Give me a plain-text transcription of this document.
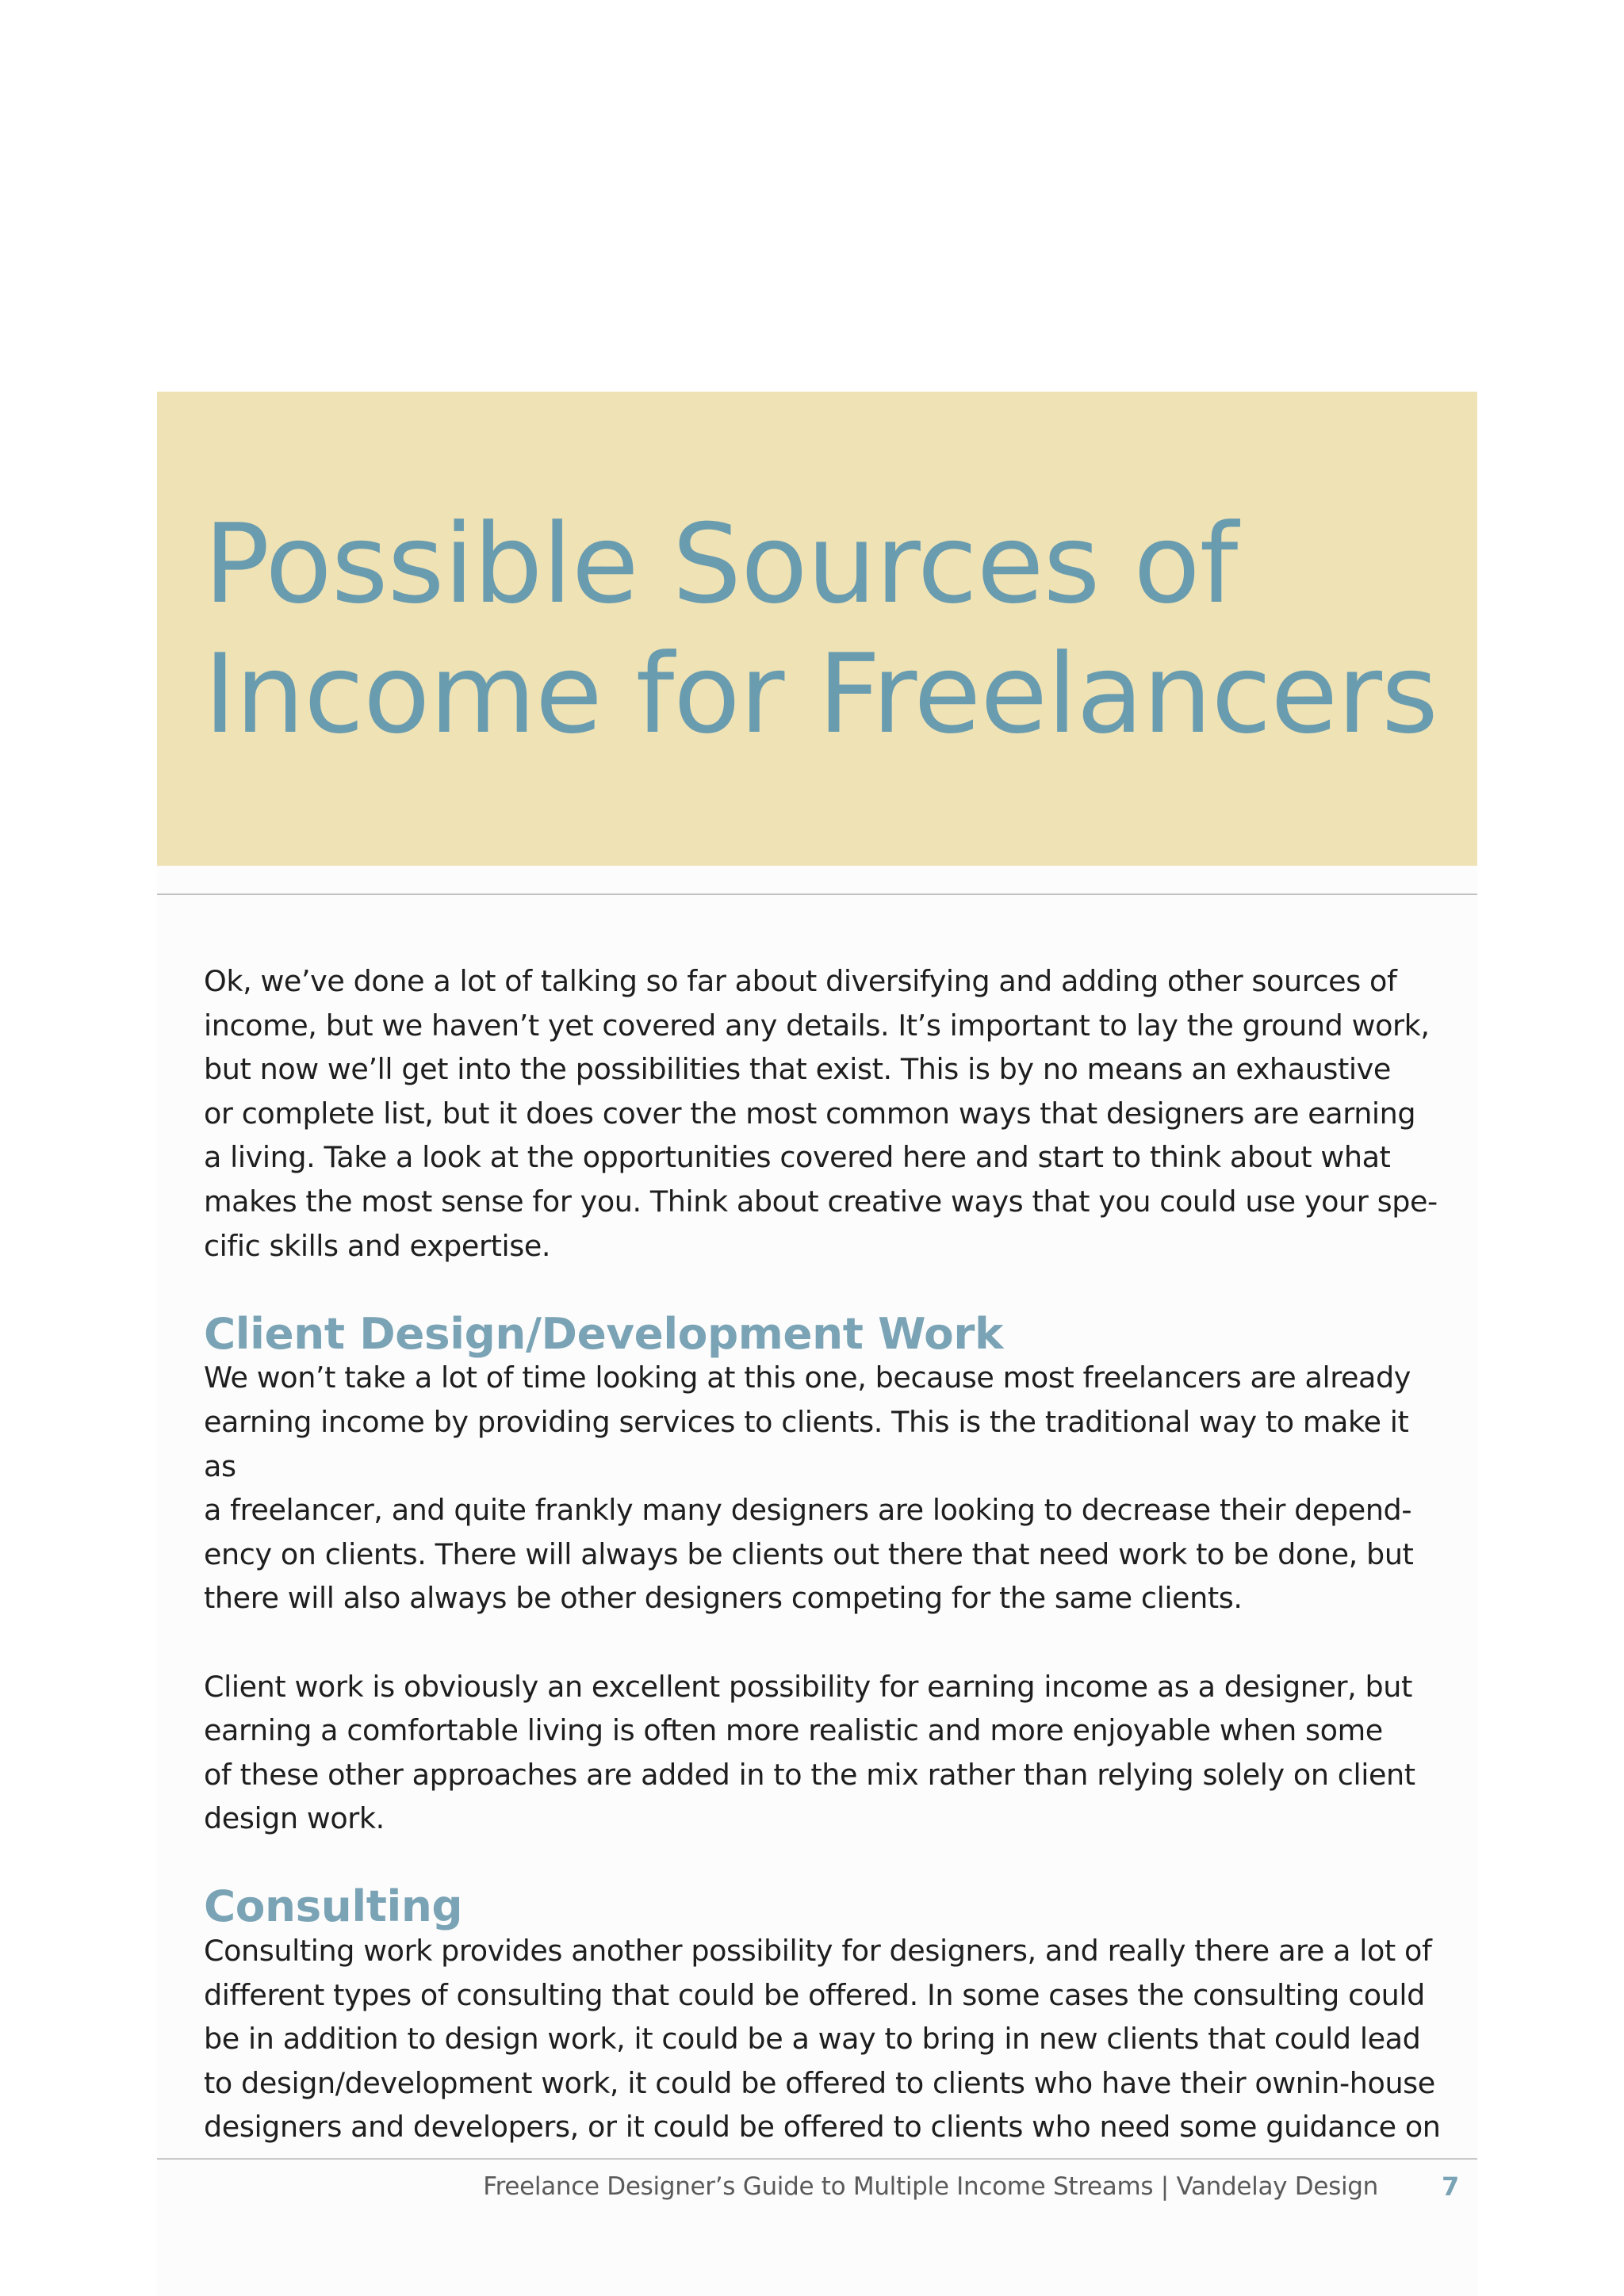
Possible Sources of
Income for Freelancers

Ok, we’ve done a lot of talking so far about diversifying and adding other sources of
income, but we haven’t yet covered any details. It’s important to lay the ground work,
but now we’ll get into the possibilities that exist. This is by no means an exhaustive
or complete list, but it does cover the most common ways that designers are earning
a living. Take a look at the opportunities covered here and start to think about what
makes the most sense for you. Think about creative ways that you could use your spe-
cific skills and expertise.

Client Design/Development Work

We won’t take a lot of time looking at this one, because most freelancers are already
earning income by providing services to clients. This is the traditional way to make it as
a freelancer, and quite frankly many designers are looking to decrease their depend-
ency on clients. There will always be clients out there that need work to be done, but
there will also always be other designers competing for the same clients.

Client work is obviously an excellent possibility for earning income as a designer, but
earning a comfortable living is often more realistic and more enjoyable when some
of these other approaches are added in to the mix rather than relying solely on client
design work.

Consulting

Consulting work provides another possibility for designers, and really there are a lot of
different types of consulting that could be offered. In some cases the consulting could
be in addition to design work, it could be a way to bring in new clients that could lead
to design/development work, it could be offered to clients who have their ownin-house
designers and developers, or it could be offered to clients who need some guidance on

Freelance Designer’s Guide to Multiple Income Streams | Vandelay Design	7
